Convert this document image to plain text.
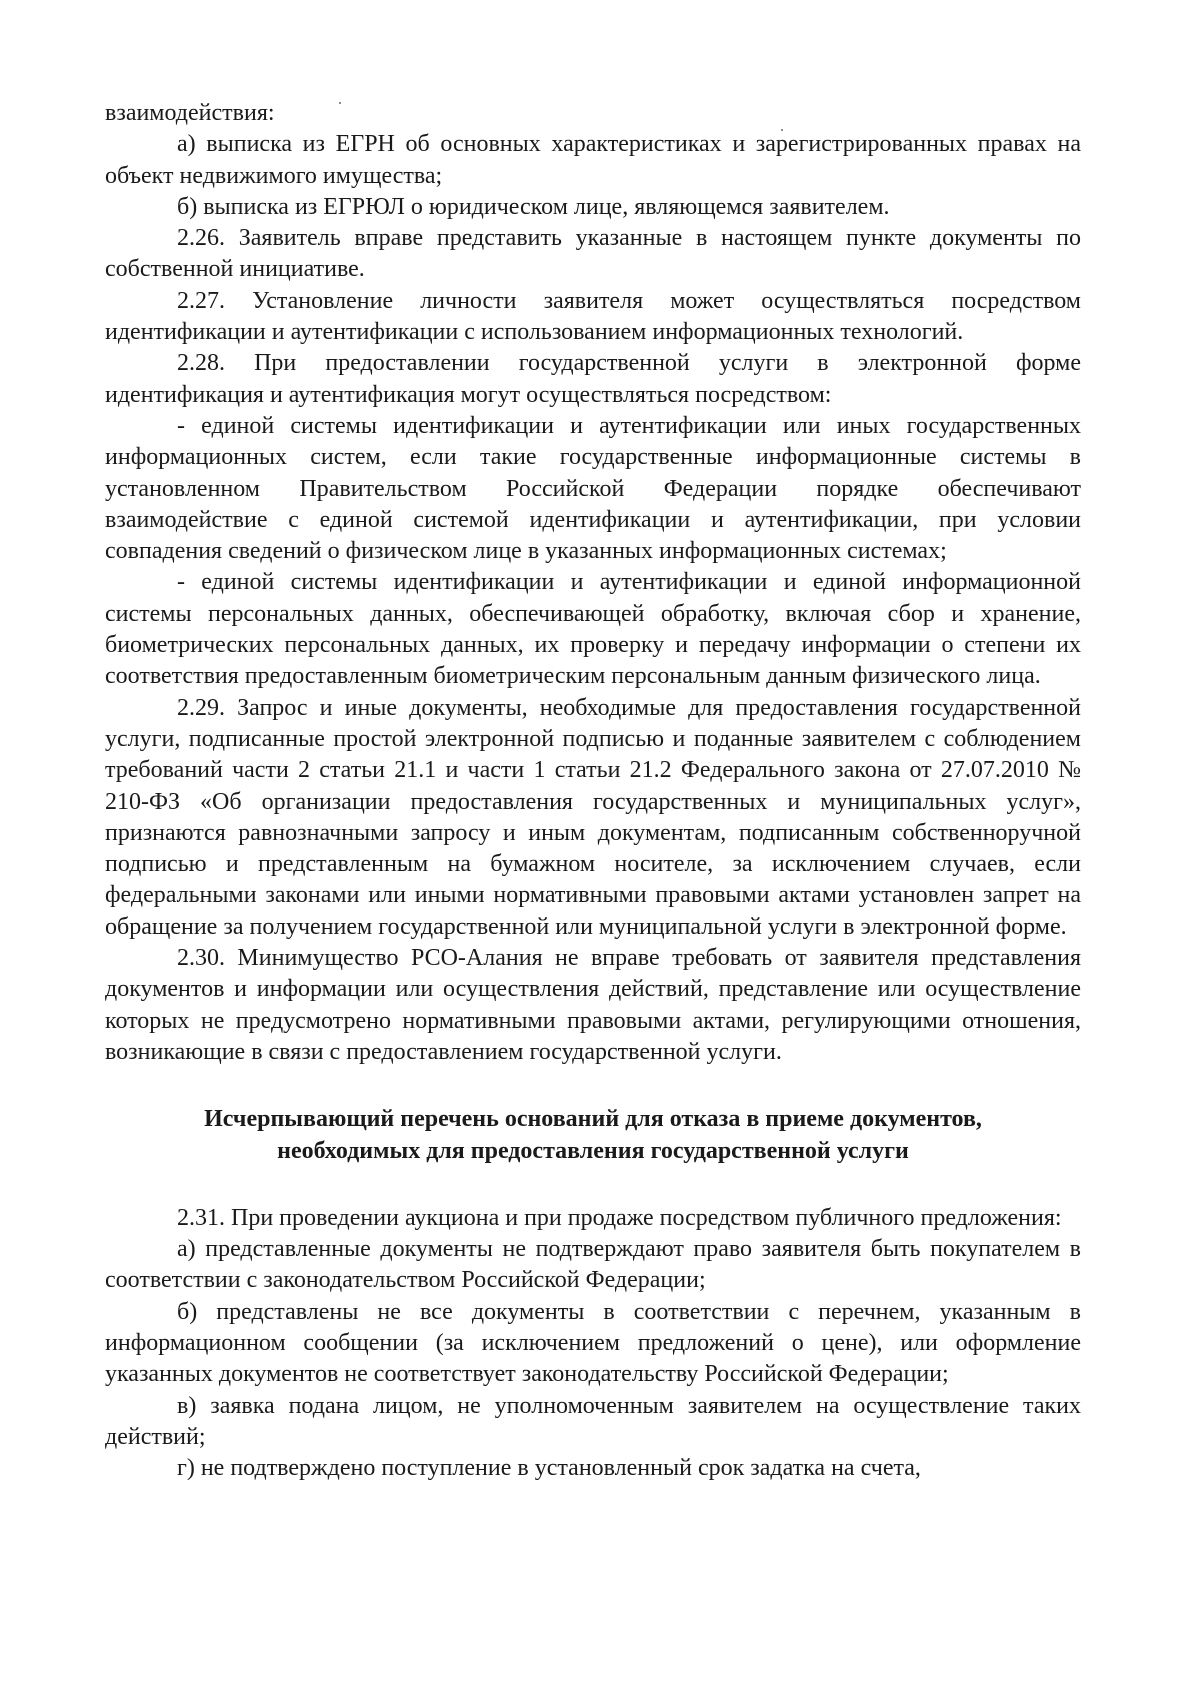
взаимодействия:

а) выписка из ЕГРН об основных характеристиках и зарегистрированных правах на объект недвижимого имущества;

б) выписка из ЕГРЮЛ о юридическом лице, являющемся заявителем.

2.26. Заявитель вправе представить указанные в настоящем пункте документы по собственной инициативе.

2.27. Установление личности заявителя может осуществляться посредством идентификации и аутентификации с использованием информационных технологий.

2.28. При предоставлении государственной услуги в электронной форме идентификация и аутентификация могут осуществляться посредством:

- единой системы идентификации и аутентификации или иных государственных информационных систем, если такие государственные информационные системы в установленном Правительством Российской Федерации порядке обеспечивают взаимодействие с единой системой идентификации и аутентификации, при условии совпадения сведений о физическом лице в указанных информационных системах;

- единой системы идентификации и аутентификации и единой информационной системы персональных данных, обеспечивающей обработку, включая сбор и хранение, биометрических персональных данных, их проверку и передачу информации о степени их соответствия предоставленным биометрическим персональным данным физического лица.

2.29. Запрос и иные документы, необходимые для предоставления государственной услуги, подписанные простой электронной подписью и поданные заявителем с соблюдением требований части 2 статьи 21.1 и части 1 статьи 21.2 Федерального закона от 27.07.2010 № 210-ФЗ «Об организации предоставления государственных и муниципальных услуг», признаются равнозначными запросу и иным документам, подписанным собственноручной подписью и представленным на бумажном носителе, за исключением случаев, если федеральными законами или иными нормативными правовыми актами установлен запрет на обращение за получением государственной или муниципальной услуги в электронной форме.

2.30. Минимущество РСО-Алания не вправе требовать от заявителя представления документов и информации или осуществления действий, представление или осуществление которых не предусмотрено нормативными правовыми актами, регулирующими отношения, возникающие в связи с предоставлением государственной услуги.

Исчерпывающий перечень оснований для отказа в приеме документов,
необходимых для предоставления государственной услуги

2.31. При проведении аукциона и при продаже посредством публичного предложения:

а) представленные документы не подтверждают право заявителя быть покупателем в соответствии с законодательством Российской Федерации;

б) представлены не все документы в соответствии с перечнем, указанным в информационном сообщении (за исключением предложений о цене), или оформление указанных документов не соответствует законодательству Российской Федерации;

в) заявка подана лицом, не уполномоченным заявителем на осуществление таких действий;

г) не подтверждено поступление в установленный срок задатка на счета,
